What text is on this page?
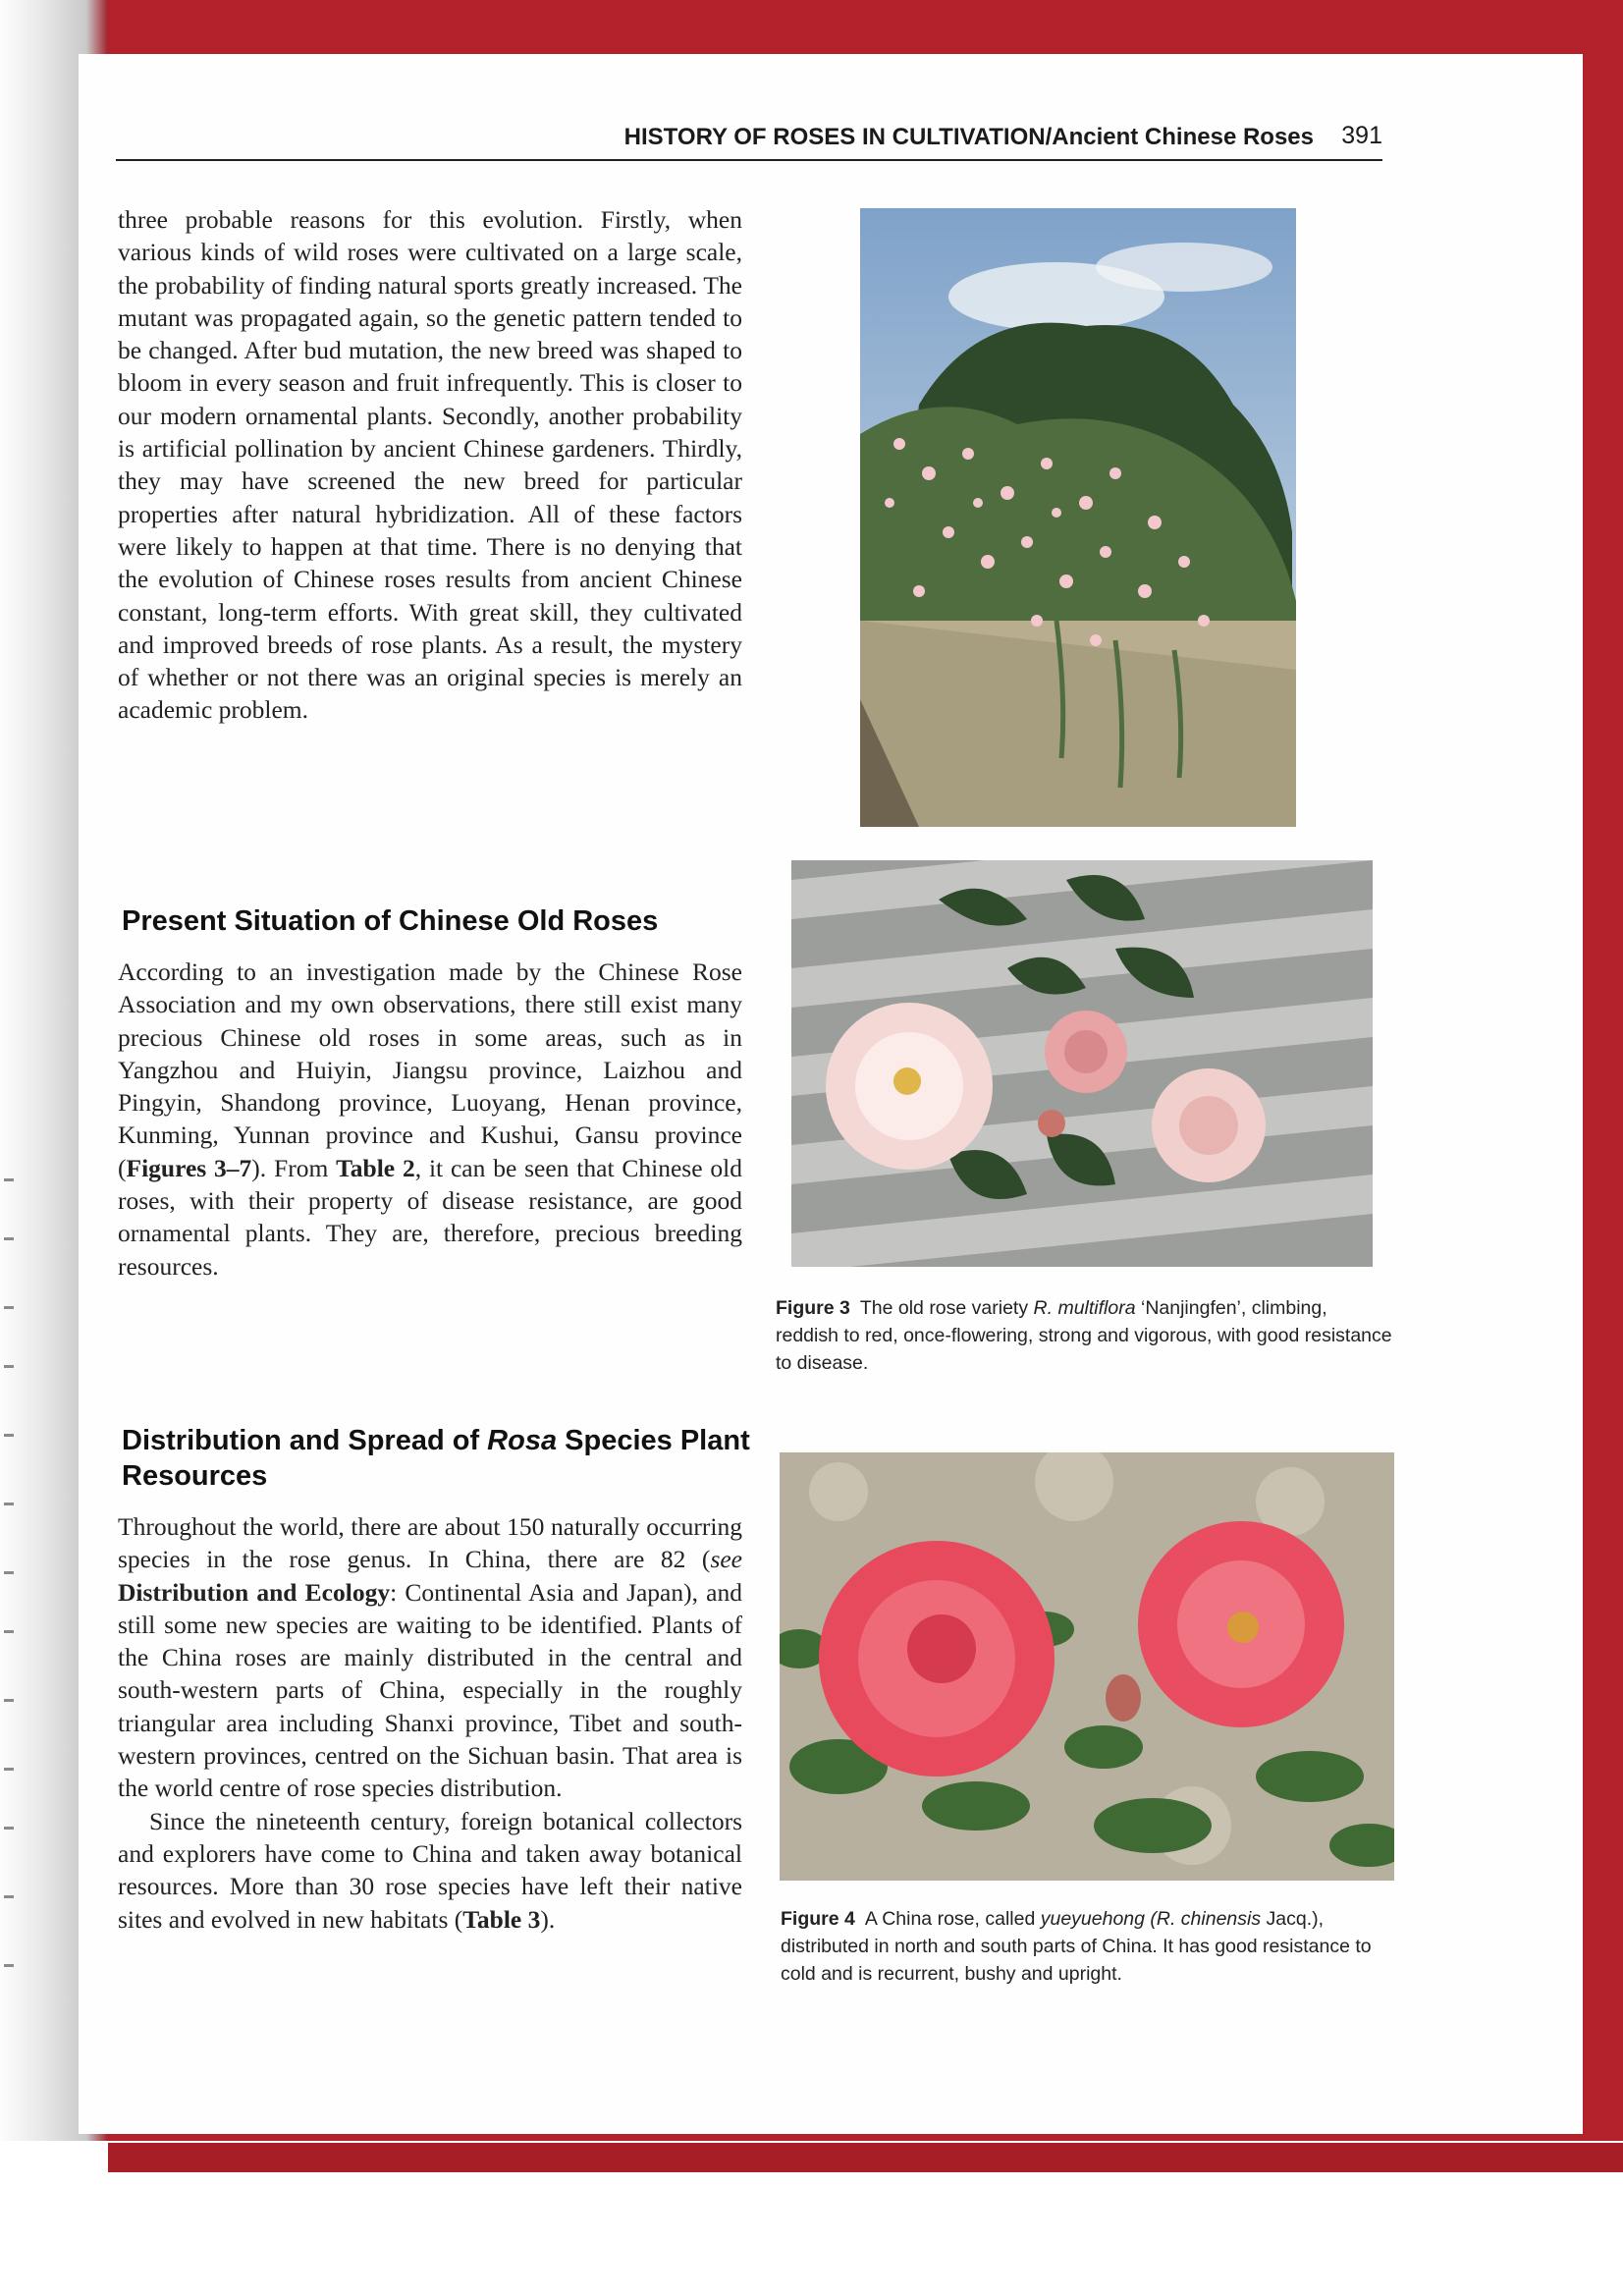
HISTORY OF ROSES IN CULTIVATION/Ancient Chinese Roses 391

three probable reasons for this evolution. Firstly, when various kinds of wild roses were cultivated on a large scale, the probability of finding natural sports greatly increased. The mutant was propagated again, so the genetic pattern tended to be changed. After bud mutation, the new breed was shaped to bloom in every season and fruit infrequently. This is closer to our modern ornamental plants. Secondly, another probability is artificial pollination by ancient Chinese gardeners. Thirdly, they may have screened the new breed for particular properties after natural hybridization. All of these factors were likely to happen at that time. There is no denying that the evolution of Chinese roses results from ancient Chinese constant, long-term efforts. With great skill, they cultivated and improved breeds of rose plants. As a result, the mystery of whether or not there was an original species is merely an academic problem.

Present Situation of Chinese Old Roses

According to an investigation made by the Chinese Rose Association and my own observations, there still exist many precious Chinese old roses in some areas, such as in Yangzhou and Huiyin, Jiangsu province, Laizhou and Pingyin, Shandong province, Luoyang, Henan province, Kunming, Yunnan province and Kushui, Gansu province (Figures 3–7). From Table 2, it can be seen that Chinese old roses, with their property of disease resistance, are good ornamental plants. They are, therefore, precious breeding resources.

Distribution and Spread of Rosa Species Plant Resources

Throughout the world, there are about 150 naturally occurring species in the rose genus. In China, there are 82 (see Distribution and Ecology: Continental Asia and Japan), and still some new species are waiting to be identified. Plants of the China roses are mainly distributed in the central and south-western parts of China, especially in the roughly triangular area including Shanxi province, Tibet and south-western provinces, centred on the Sichuan basin. That area is the world centre of rose species distribution.

Since the nineteenth century, foreign botanical collectors and explorers have come to China and taken away botanical resources. More than 30 rose species have left their native sites and evolved in new habitats (Table 3).

Figure 3 The old rose variety R. multiflora ‘Nanjingfen’, climbing, reddish to red, once-flowering, strong and vigorous, with good resistance to disease.
Figure 4 A China rose, called yueyuehong (R. chinensis Jacq.), distributed in north and south parts of China. It has good resistance to cold and is recurrent, bushy and upright.
